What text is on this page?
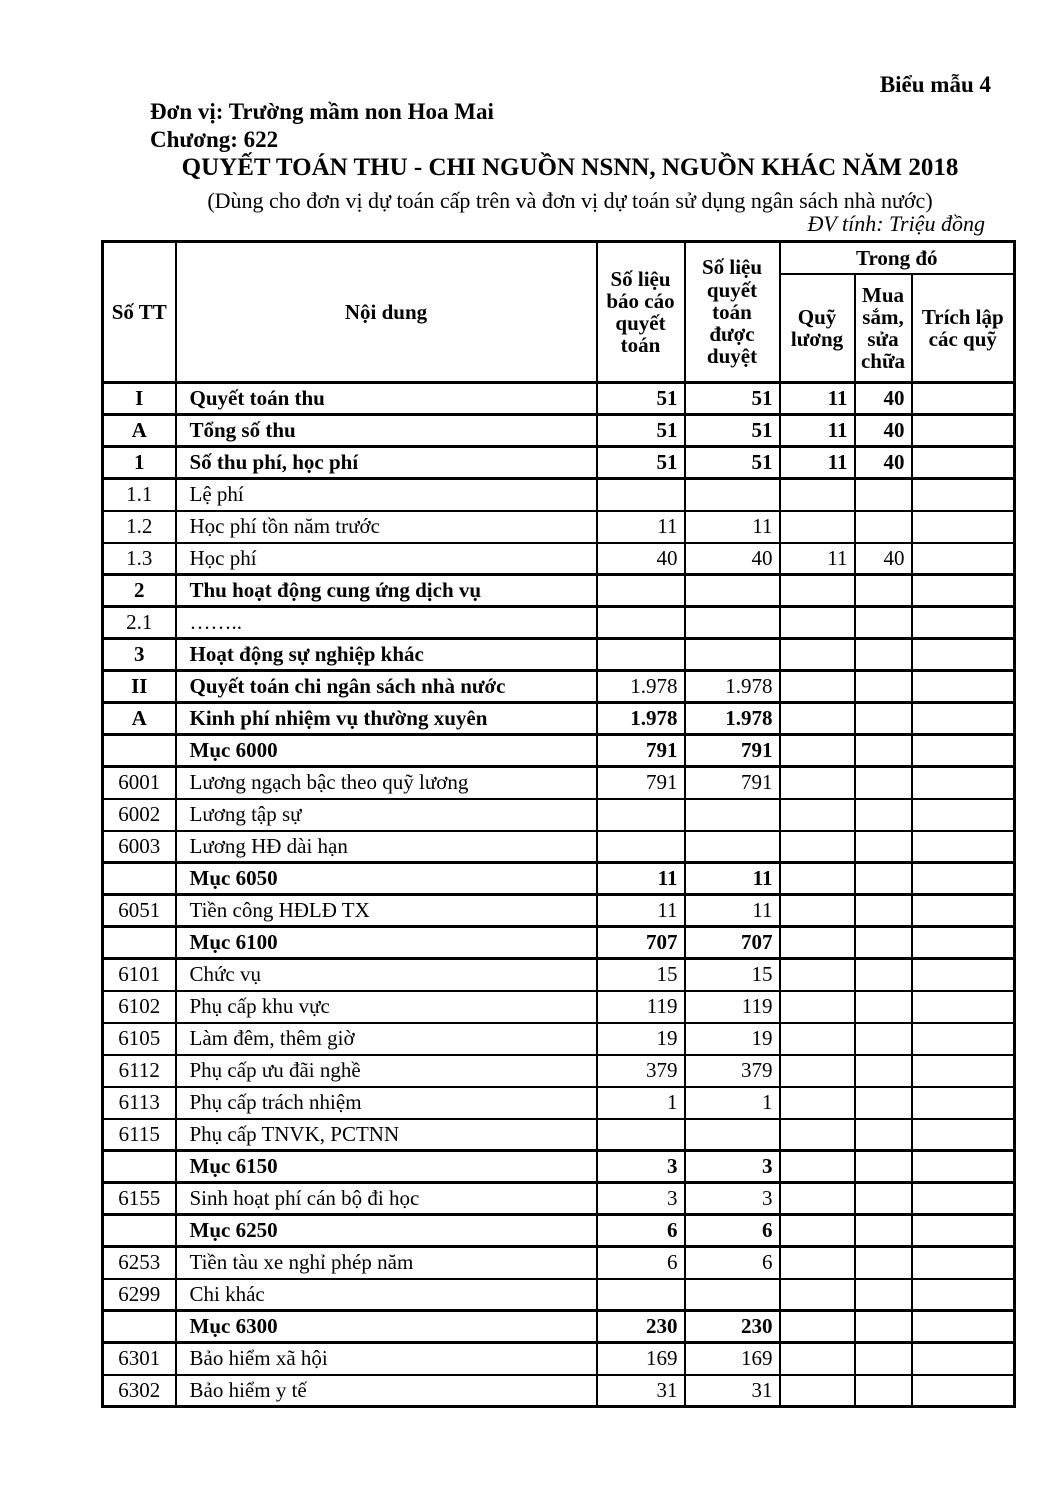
Biểu mẫu 4
Đơn vị: Trường mầm non Hoa Mai
Chương: 622
QUYẾT TOÁN THU - CHI NGUỒN NSNN, NGUỒN KHÁC NĂM 2018
(Dùng cho đơn vị dự toán cấp trên và đơn vị dự toán sử dụng ngân sách nhà nước)
ĐV tính: Triệu đồng
Số TT	Nội dung	Số liệu báo cáo quyết toán	Số liệu quyết toán được duyệt	Trong đó		
				Quỹ lương	Mua sắm, sửa chữa	Trích lập các quỹ
I	Quyết toán thu	51	51	11	40	
A	Tổng số thu	51	51	11	40	
1	Số thu phí, học phí	51	51	11	40	
1.1	Lệ phí					
1.2	Học phí tồn năm trước	11	11			
1.3	Học phí	40	40	11	40	
2	Thu hoạt động cung ứng dịch vụ					
2.1	……..					
3	Hoạt động sự nghiệp khác					
II	Quyết toán chi ngân sách nhà nước	1.978	1.978			
A	Kinh phí nhiệm vụ thường xuyên	1.978	1.978			
	Mục 6000	791	791			
6001	Lương ngạch bậc theo quỹ lương	791	791			
6002	Lương tập sự					
6003	Lương HĐ dài hạn					
	Mục 6050	11	11			
6051	Tiền công HĐLĐ TX	11	11			
	Mục 6100	707	707			
6101	Chức vụ	15	15			
6102	Phụ cấp khu vực	119	119			
6105	Làm đêm, thêm giờ	19	19			
6112	Phụ cấp ưu đãi nghề	379	379			
6113	Phụ cấp trách nhiệm	1	1			
6115	Phụ cấp TNVK, PCTNN					
	Mục 6150	3	3			
6155	Sinh hoạt phí cán bộ đi học	3	3			
	Mục 6250	6	6			
6253	Tiền tàu xe nghỉ phép năm	6	6			
6299	Chi khác					
	Mục 6300	230	230			
6301	Bảo hiểm xã hội	169	169			
6302	Bảo hiểm y tế	31	31			
